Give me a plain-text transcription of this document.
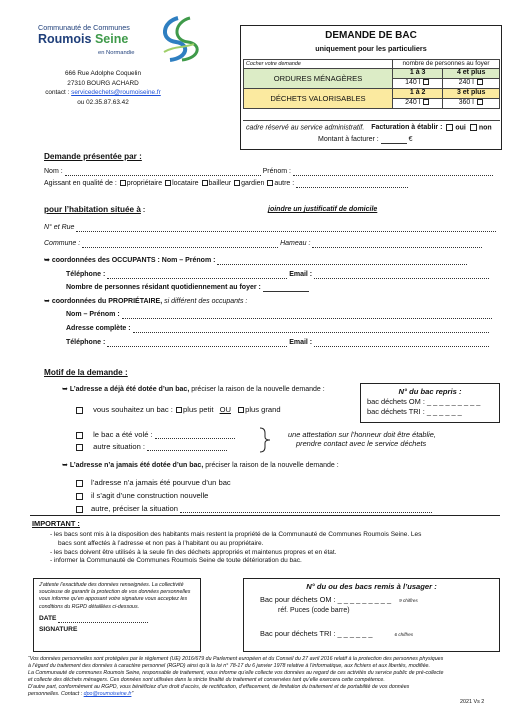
Communauté de Communes
Roumois Seine
en Normandie
666 Rue Adolphe Coquelin
27310 BOURG ACHARD
contact : servicedechets@roumoiseine.fr
ou 02.35.87.63.42
DEMANDE DE BAC
uniquement pour les particuliers
Cocher votre demande	nombre de personnes au foyer	
ORDURES MÉNAGÈRES	1 à 3	4 et plus
	140 l	240 l
DÉCHETS VALORISABLES	1 à 2	3 et plus
	240 l	360 l
cadre réservé au service administratif. Facturation à établir : oui non
Montant à facturer :	€
Demande présentée par :
Nom :	Prénom :
Agissant en qualité de : propriétaire locataire bailleur gardien autre :
pour l’habitation située à :	joindre un justificatif de domicile
N° et Rue
Commune :	Hameau :
➥ coordonnées des OCCUPANTS : Nom – Prénom :
Téléphone :	Email :
Nombre de personnes résidant quotidiennement au foyer :
➥ coordonnées du PROPRIÉTAIRE, si différent des occupants :
Nom – Prénom :
Adresse complète :
Téléphone :	Email :
Motif de la demande :
➥ L’adresse a déjà été dotée d’un bac, préciser la raison de la nouvelle demande :
vous souhaitez un bac : plus petit OU plus grand
N° du bac repris :
bac déchets OM : _ _ _ _ _ _ _ _ _
bac déchets TRI : _ _ _ _ _ _
le bac a été volé :
autre situation :
une attestation sur l’honneur doit être établie,
prendre contact avec le service déchets
➥ L’adresse n’a jamais été dotée d’un bac, préciser la raison de la nouvelle demande :
l’adresse n’a jamais été pourvue d’un bac
il s’agit d’une construction nouvelle
autre, préciser la situation
IMPORTANT :
- les bacs sont mis à la disposition des habitants mais restent la propriété de la Communauté de Communes Roumois Seine. Les
bacs sont affectés à l’adresse et non pas à l’habitant ou au propriétaire.
- les bacs doivent être utilisés à la seule fin des déchets appropriés et maintenus propres et en état.
- informer la Communauté de Communes Roumois Seine de toute détérioration du bac.
J’atteste l’exactitude des données renseignées. La collectivité
soucieuse de garantir la protection de vos données personnelles
vous informe qu’en apposant votre signature vous acceptez les
conditions du RGPD détaillées ci-dessous.
DATE
SIGNATURE
N° du ou des bacs remis à l’usager :
Bac pour déchets OM : _ _ _ _ _ _ _ _ _ 9 chiffres
réf. Puces (code barre)
Bac pour déchets TRI : _ _ _ _ _ _	6 chiffres
“Vos données personnelles sont protégées par le règlement (UE) 2016/679 du Parlement européen et du Conseil du 27 avril 2016 relatif à la protection des personnes physiques
à l’égard du traitement des données à caractère personnel (RGPD) ainsi qu’à la loi n° 78-17 du 6 janvier 1978 relative à l’informatique, aux fichiers et aux libertés, modifiée.
La Communauté de communes Roumois Seine, responsable de traitement, vous informe qu’elle collecte vos données au regard de ces activités du service public de pré-collecte
et collecte des déchets ménagers. Ces données sont utilisées dans la stricte finalité du traitement et conservées tant qu’elle exercera cette compétence.
D’autre part, conformément au RGPD, vous bénéficiez d’un droit d’accès, de rectification, d’effacement, de limitation du traitement et de portabilité de vos données
personnelles. Contact : dpo@roumoiseine.fr”
2021 Vs 2
